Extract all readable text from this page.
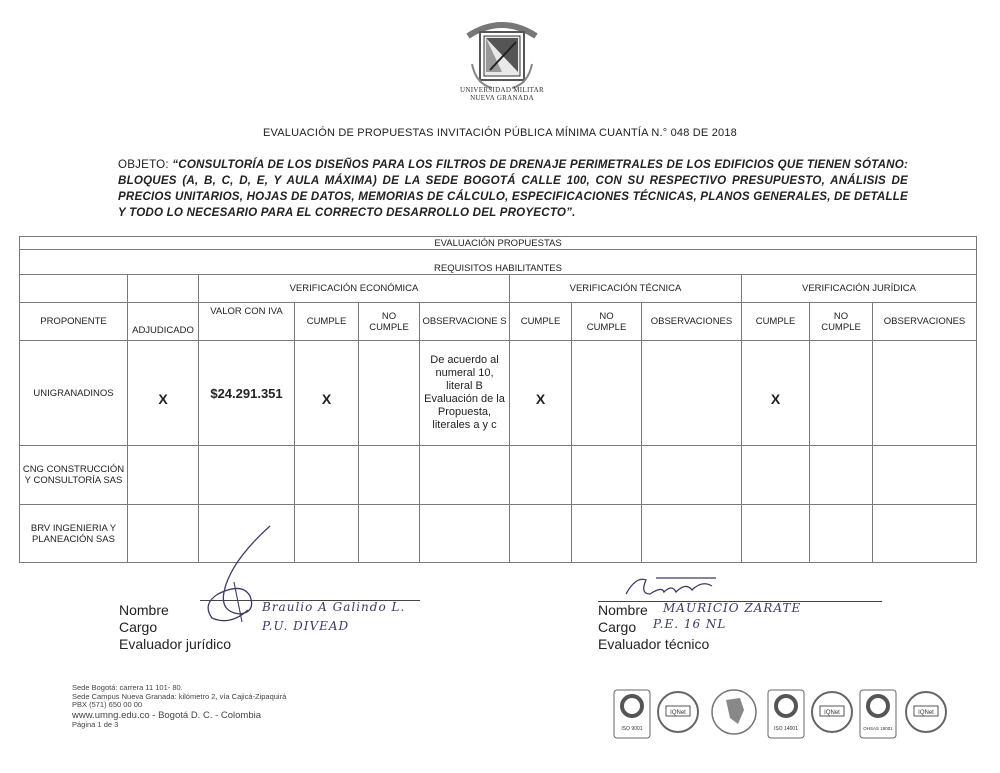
UNIVERSIDAD MILITAR
NUEVA GRANADA
EVALUACIÓN DE PROPUESTAS INVITACIÓN PÚBLICA MÍNIMA CUANTÍA N.° 048 DE 2018
OBJETO: “CONSULTORÍA DE LOS DISEÑOS PARA LOS FILTROS DE DRENAJE PERIMETRALES DE LOS EDIFICIOS QUE TIENEN SÓTANO: BLOQUES (A, B, C, D, E, Y AULA MÁXIMA) DE LA SEDE BOGOTÁ CALLE 100, CON SU RESPECTIVO PRESUPUESTO, ANÁLISIS DE PRECIOS UNITARIOS, HOJAS DE DATOS, MEMORIAS DE CÁLCULO, ESPECIFICACIONES TÉCNICAS, PLANOS GENERALES, DE DETALLE Y TODO LO NECESARIO PARA EL CORRECTO DESARROLLO DEL PROYECTO”.
EVALUACIÓN PROPUESTAS											
REQUISITOS HABILITANTES											
		VERIFICACIÓN ECONÓMICA				VERIFICACIÓN TÉCNICA			VERIFICACIÓN JURÍDICA		
PROPONENTE	ADJUDICADO	VALOR CON IVA	CUMPLE	NO CUMPLE	OBSERVACIONE S	CUMPLE	NO CUMPLE	OBSERVACIONES	CUMPLE	NO CUMPLE	OBSERVACIONES
UNIGRANADINOS	X	$24.291.351	X		De acuerdo al numeral 10, literal B Evaluación de la Propuesta, literales a y c	X			X		
CNG CONSTRUCCIÓN Y CONSULTORÍA SAS											
BRV INGENIERIA Y PLANEACIÓN SAS											
Nombre
Cargo
Evaluador jurídico
Braulio A Galindo L.
P.U. DIVEAD
Nombre
Cargo
Evaluador técnico
MAURICIO ZARATE
P.E. 16 NL
Sede Bogotá: carrera 11 101- 80.
Sede Campus Nueva Granada: kilómetro 2, vía Cajicá-Zipaquirá
PBX (571) 650 00 00
www.umng.edu.co - Bogotá D. C. - Colombia
Página 1 de 3
ISO 9001
IQNet
ISO 14001
IQNet
OHSAS 18001
IQNet
